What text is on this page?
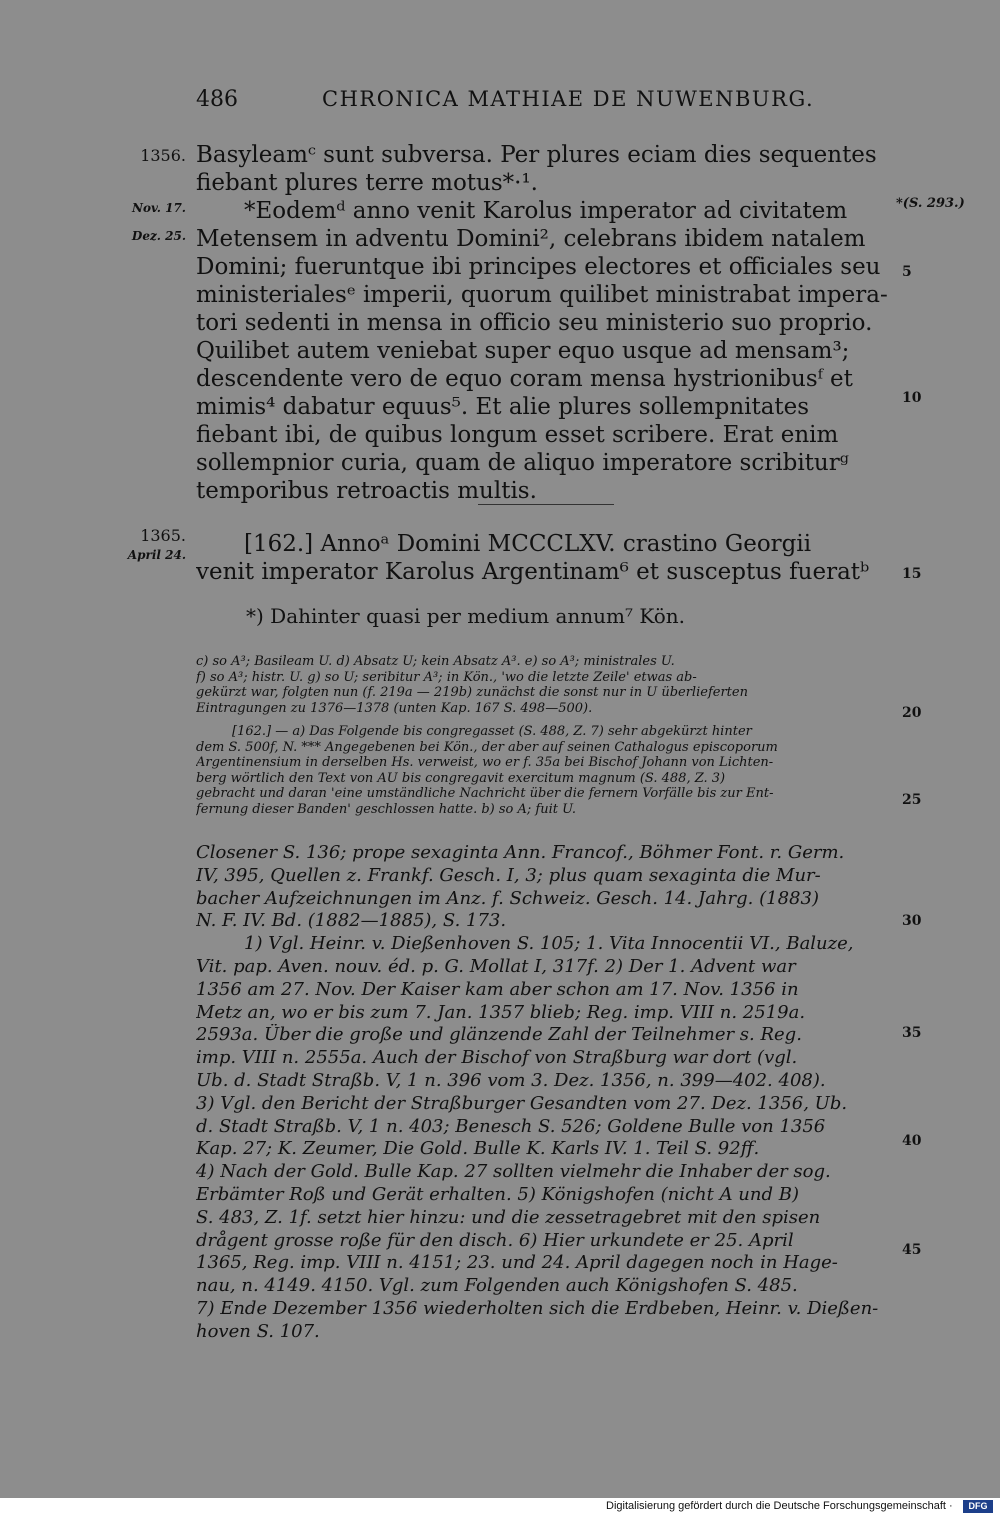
486	CHRONICA MATHIAE DE NUWENBURG.
1356.
Nov. 17.
Dez. 25.
*(S. 293.)
Basyleamᶜ sunt subversa. Per plures eciam dies sequentes
fiebant plures terre motus*·¹.
*Eodemᵈ anno venit Karolus imperator ad civitatem
Metensem in adventu Domini², celebrans ibidem natalem
Domini; fueruntque ibi principes electores et officiales seu
ministerialesᵉ imperii, quorum quilibet ministrabat impera-
tori sedenti in mensa in officio seu ministerio suo proprio.
Quilibet autem veniebat super equo usque ad mensam³;
descendente vero de equo coram mensa hystrionibusᶠ et
mimis⁴ dabatur equus⁵. Et alie plures sollempnitates
fiebant ibi, de quibus longum esset scribere. Erat enim
sollempnior curia, quam de aliquo imperatore scribiturᵍ
temporibus retroactis multis.
5
10
1365.
April 24.	[162.] Annoᵃ Domini MCCCLXV. crastino Georgii
venit imperator Karolus Argentinam⁶ et susceptus fueratᵇ	15
*) Dahinter quasi per medium annum⁷ Kön.
c) so A³; Basileam U. d) Absatz U; kein Absatz A³. e) so A³; ministrales U.
f) so A³; histr. U. g) so U; seribitur A³; in Kön., 'wo die letzte Zeile' etwas ab-
gekürzt war, folgten nun (f. 219a — 219b) zunächst die sonst nur in U überlieferten
Eintragungen zu 1376—1378 (unten Kap. 167 S. 498—500).
[162.] — a) Das Folgende bis congregasset (S. 488, Z. 7) sehr abgekürzt hinter
dem S. 500f, N. *** Angegebenen bei Kön., der aber auf seinen Cathalogus episcoporum
Argentinensium in derselben Hs. verweist, wo er f. 35a bei Bischof Johann von Lichten-
berg wörtlich den Text von AU bis congregavit exercitum magnum (S. 488, Z. 3)
gebracht und daran 'eine umständliche Nachricht über die fernern Vorfälle bis zur Ent-
fernung dieser Banden' geschlossen hatte. b) so A; fuit U.
20
25
Closener S. 136; prope sexaginta Ann. Francof., Böhmer Font. r. Germ.
IV, 395, Quellen z. Frankf. Gesch. I, 3; plus quam sexaginta die Mur-
bacher Aufzeichnungen im Anz. f. Schweiz. Gesch. 14. Jahrg. (1883)
N. F. IV. Bd. (1882—1885), S. 173.
1) Vgl. Heinr. v. Dießenhoven S. 105; 1. Vita Innocentii VI., Baluze,
Vit. pap. Aven. nouv. éd. p. G. Mollat I, 317f. 2) Der 1. Advent war
1356 am 27. Nov. Der Kaiser kam aber schon am 17. Nov. 1356 in
Metz an, wo er bis zum 7. Jan. 1357 blieb; Reg. imp. VIII n. 2519a.
2593a. Über die große und glänzende Zahl der Teilnehmer s. Reg.
imp. VIII n. 2555a. Auch der Bischof von Straßburg war dort (vgl.
Ub. d. Stadt Straßb. V, 1 n. 396 vom 3. Dez. 1356, n. 399—402. 408).
3) Vgl. den Bericht der Straßburger Gesandten vom 27. Dez. 1356, Ub.
d. Stadt Straßb. V, 1 n. 403; Benesch S. 526; Goldene Bulle von 1356
Kap. 27; K. Zeumer, Die Gold. Bulle K. Karls IV. 1. Teil S. 92ff.
4) Nach der Gold. Bulle Kap. 27 sollten vielmehr die Inhaber der sog.
Erbämter Roß und Gerät erhalten. 5) Königshofen (nicht A und B)
S. 483, Z. 1f. setzt hier hinzu: und die zessetragebret mit den spisen
drågent grosse roße für den disch. 6) Hier urkundete er 25. April
1365, Reg. imp. VIII n. 4151; 23. und 24. April dagegen noch in Hage-
nau, n. 4149. 4150. Vgl. zum Folgenden auch Königshofen S. 485.
7) Ende Dezember 1356 wiederholten sich die Erdbeben, Heinr. v. Dießen-
hoven S. 107.
30
35
40
45
Digitalisierung gefördert durch die Deutsche Forschungsgemeinschaft ·	DFG
